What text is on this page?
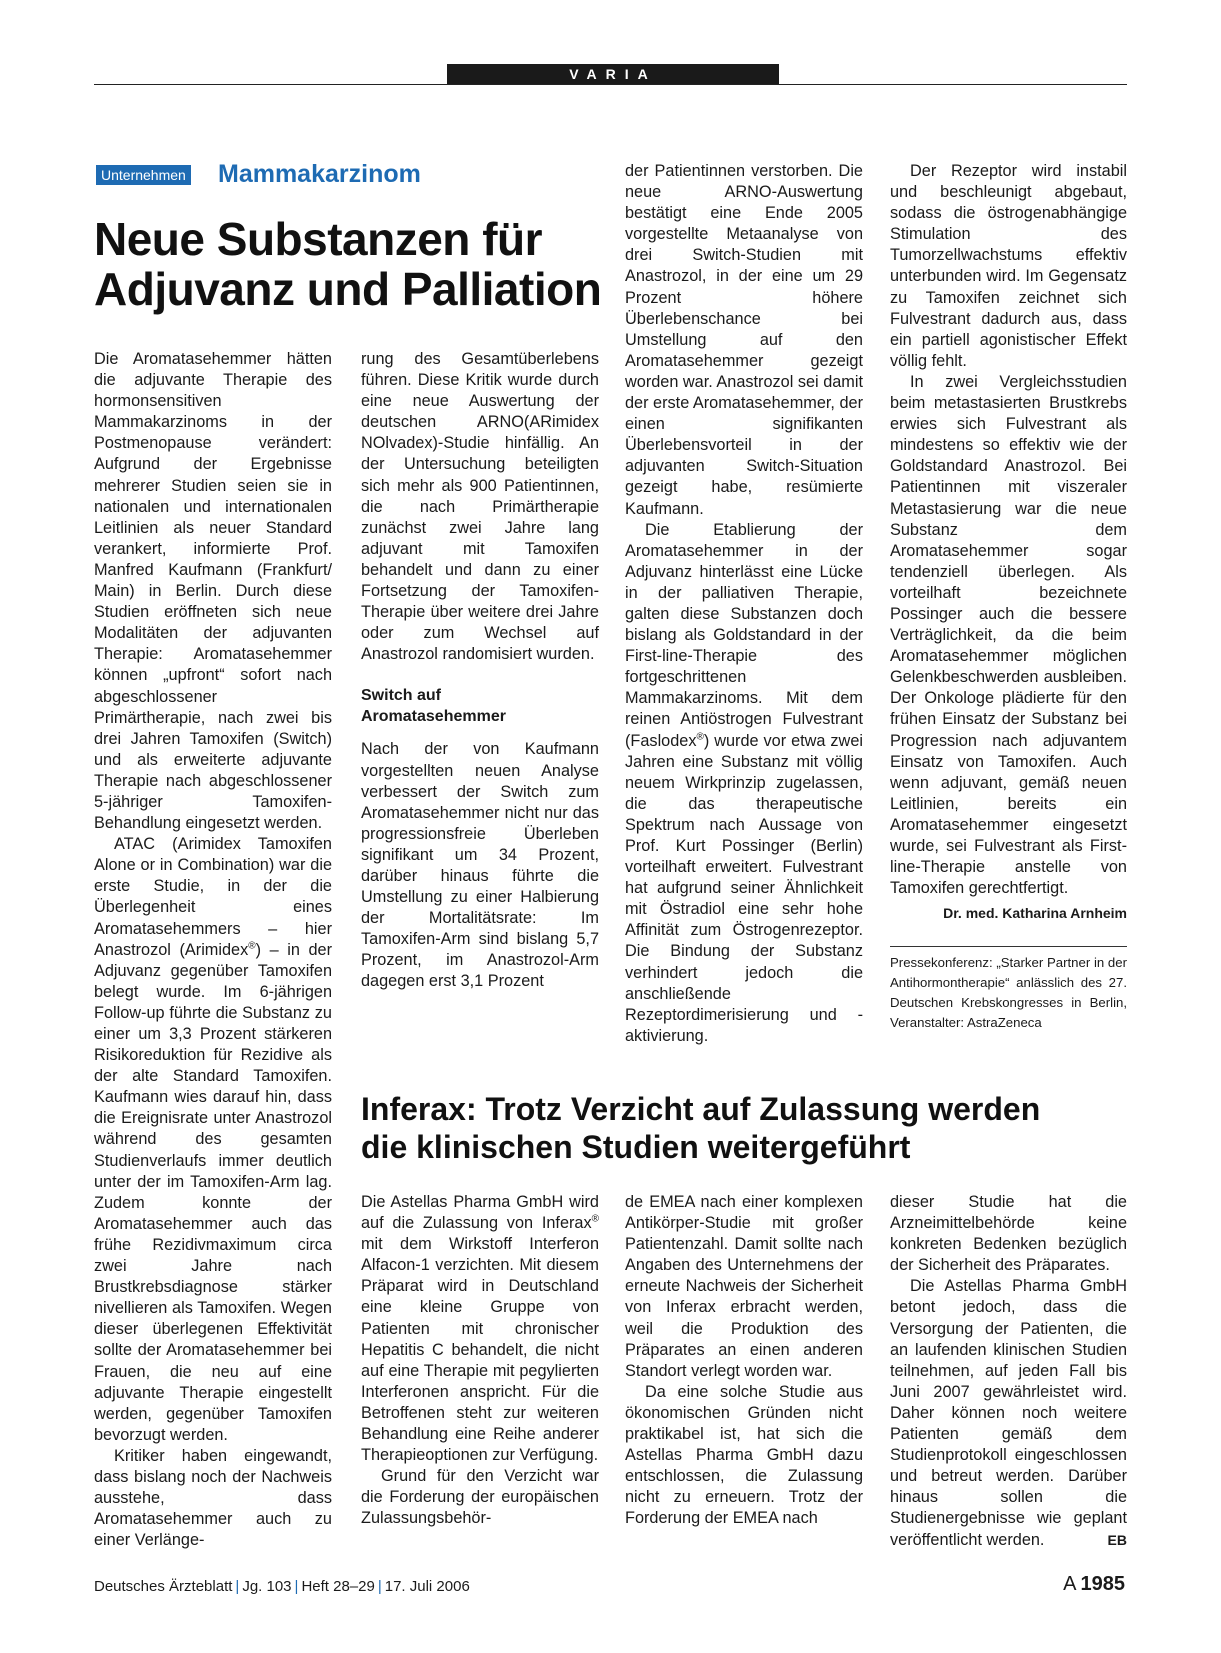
VARIA
Unternehmen Mammakarzinom
Neue Substanzen für
Adjuvanz und Palliation

Die Aromatasehemmer hätten die adjuvante Therapie des hormonsensitiven Mammakarzinoms in der Postmenopause verändert: Aufgrund der Ergebnisse mehrerer Studien seien sie in nationalen und internationalen Leitlinien als neuer Standard verankert, informierte Prof. Manfred Kaufmann (Frankfurt/ Main) in Berlin. Durch diese Studien eröffneten sich neue Modalitäten der adjuvanten Therapie: Aromatasehemmer können „upfront“ sofort nach abgeschlossener Primärtherapie, nach zwei bis drei Jahren Tamoxifen (Switch) und als erweiterte adjuvante Therapie nach abgeschlossener 5-jähriger Tamoxifen-Behandlung eingesetzt werden.

ATAC (Arimidex Tamoxifen Alone or in Combination) war die erste Studie, in der die Überlegenheit eines Aromatasehemmers – hier Anastrozol (Arimidex®) – in der Adjuvanz gegenüber Tamoxifen belegt wurde. Im 6-jährigen Follow-up führte die Substanz zu einer um 3,3 Prozent stärkeren Risikoreduktion für Rezidive als der alte Standard Tamoxifen. Kaufmann wies darauf hin, dass die Ereignisrate unter Anastrozol während des gesamten Studienverlaufs immer deutlich unter der im Tamoxifen-Arm lag. Zudem konnte der Aromatasehemmer auch das frühe Rezidivmaximum circa zwei Jahre nach Brustkrebsdiagnose stärker nivellieren als Tamoxifen. Wegen dieser überlegenen Effektivität sollte der Aromatasehemmer bei Frauen, die neu auf eine adjuvante Therapie eingestellt werden, gegenüber Tamoxifen bevorzugt werden.

Kritiker haben eingewandt, dass bislang noch der Nachweis ausstehe, dass Aromatasehemmer auch zu einer Verlänge-

rung des Gesamtüberlebens führen. Diese Kritik wurde durch eine neue Auswertung der deutschen ARNO(ARimidex NOlvadex)-Studie hinfällig. An der Untersuchung beteiligten sich mehr als 900 Patientinnen, die nach Primärtherapie zunächst zwei Jahre lang adjuvant mit Tamoxifen behandelt und dann zu einer Fortsetzung der Tamoxifen-Therapie über weitere drei Jahre oder zum Wechsel auf Anastrozol randomisiert wurden.

Switch auf
Aromatasehemmer

Nach der von Kaufmann vorgestellten neuen Analyse verbessert der Switch zum Aromatasehemmer nicht nur das progressionsfreie Überleben signifikant um 34 Prozent, darüber hinaus führte die Umstellung zu einer Halbierung der Mortalitätsrate: Im Tamoxifen-Arm sind bislang 5,7 Prozent, im Anastrozol-Arm dagegen erst 3,1 Prozent

der Patientinnen verstorben. Die neue ARNO-Auswertung bestätigt eine Ende 2005 vorgestellte Metaanalyse von drei Switch-Studien mit Anastrozol, in der eine um 29 Prozent höhere Überlebenschance bei Umstellung auf den Aromatasehemmer gezeigt worden war. Anastrozol sei damit der erste Aromatasehemmer, der einen signifikanten Überlebensvorteil in der adjuvanten Switch-Situation gezeigt habe, resümierte Kaufmann.

Die Etablierung der Aromatasehemmer in der Adjuvanz hinterlässt eine Lücke in der palliativen Therapie, galten diese Substanzen doch bislang als Goldstandard in der First-line-Therapie des fortgeschrittenen Mammakarzinoms. Mit dem reinen Antiöstrogen Fulvestrant (Faslodex®) wurde vor etwa zwei Jahren eine Substanz mit völlig neuem Wirkprinzip zugelassen, die das therapeutische Spektrum nach Aussage von Prof. Kurt Possinger (Berlin) vorteilhaft erweitert. Fulvestrant hat aufgrund seiner Ähnlichkeit mit Östradiol eine sehr hohe Affinität zum Östrogenrezeptor. Die Bindung der Substanz verhindert jedoch die anschließende Rezeptordimerisierung und -aktivierung.

Der Rezeptor wird instabil und beschleunigt abgebaut, sodass die östrogenabhängige Stimulation des Tumorzellwachstums effektiv unterbunden wird. Im Gegensatz zu Tamoxifen zeichnet sich Fulvestrant dadurch aus, dass ein partiell agonistischer Effekt völlig fehlt.

In zwei Vergleichsstudien beim metastasierten Brustkrebs erwies sich Fulvestrant als mindestens so effektiv wie der Goldstandard Anastrozol. Bei Patientinnen mit viszeraler Metastasierung war die neue Substanz dem Aromatasehemmer sogar tendenziell überlegen. Als vorteilhaft bezeichnete Possinger auch die bessere Verträglichkeit, da die beim Aromatasehemmer möglichen Gelenkbeschwerden ausbleiben. Der Onkologe plädierte für den frühen Einsatz der Substanz bei Progression nach adjuvantem Einsatz von Tamoxifen. Auch wenn adjuvant, gemäß neuen Leitlinien, bereits ein Aromatasehemmer eingesetzt wurde, sei Fulvestrant als First-line-Therapie anstelle von Tamoxifen gerechtfertigt.

Dr. med. Katharina Arnheim

Pressekonferenz: „Starker Partner in der Antihormontherapie“ anlässlich des 27. Deutschen Krebskongresses in Berlin, Veranstalter: AstraZeneca

Inferax: Trotz Verzicht auf Zulassung werden
die klinischen Studien weitergeführt

Die Astellas Pharma GmbH wird auf die Zulassung von Inferax® mit dem Wirkstoff Interferon Alfacon-1 verzichten. Mit diesem Präparat wird in Deutschland eine kleine Gruppe von Patienten mit chronischer Hepatitis C behandelt, die nicht auf eine Therapie mit pegylierten Interferonen anspricht. Für die Betroffenen steht zur weiteren Behandlung eine Reihe anderer Therapieoptionen zur Verfügung.

Grund für den Verzicht war die Forderung der europäischen Zulassungsbehör-

de EMEA nach einer komplexen Antikörper-Studie mit großer Patientenzahl. Damit sollte nach Angaben des Unternehmens der erneute Nachweis der Sicherheit von Inferax erbracht werden, weil die Produktion des Präparates an einen anderen Standort verlegt worden war.

Da eine solche Studie aus ökonomischen Gründen nicht praktikabel ist, hat sich die Astellas Pharma GmbH dazu entschlossen, die Zulassung nicht zu erneuern. Trotz der Forderung der EMEA nach

dieser Studie hat die Arzneimittelbehörde keine konkreten Bedenken bezüglich der Sicherheit des Präparates.

Die Astellas Pharma GmbH betont jedoch, dass die Versorgung der Patienten, die an laufenden klinischen Studien teilnehmen, auf jeden Fall bis Juni 2007 gewährleistet wird. Daher können noch weitere Patienten gemäß dem Studienprotokoll eingeschlossen und betreut werden. Darüber hinaus sollen die Studienergebnisse wie geplant veröffentlicht werden.	EB

Deutsches Ärzteblatt | Jg. 103 | Heft 28–29 | 17. Juli 2006	A  1985
